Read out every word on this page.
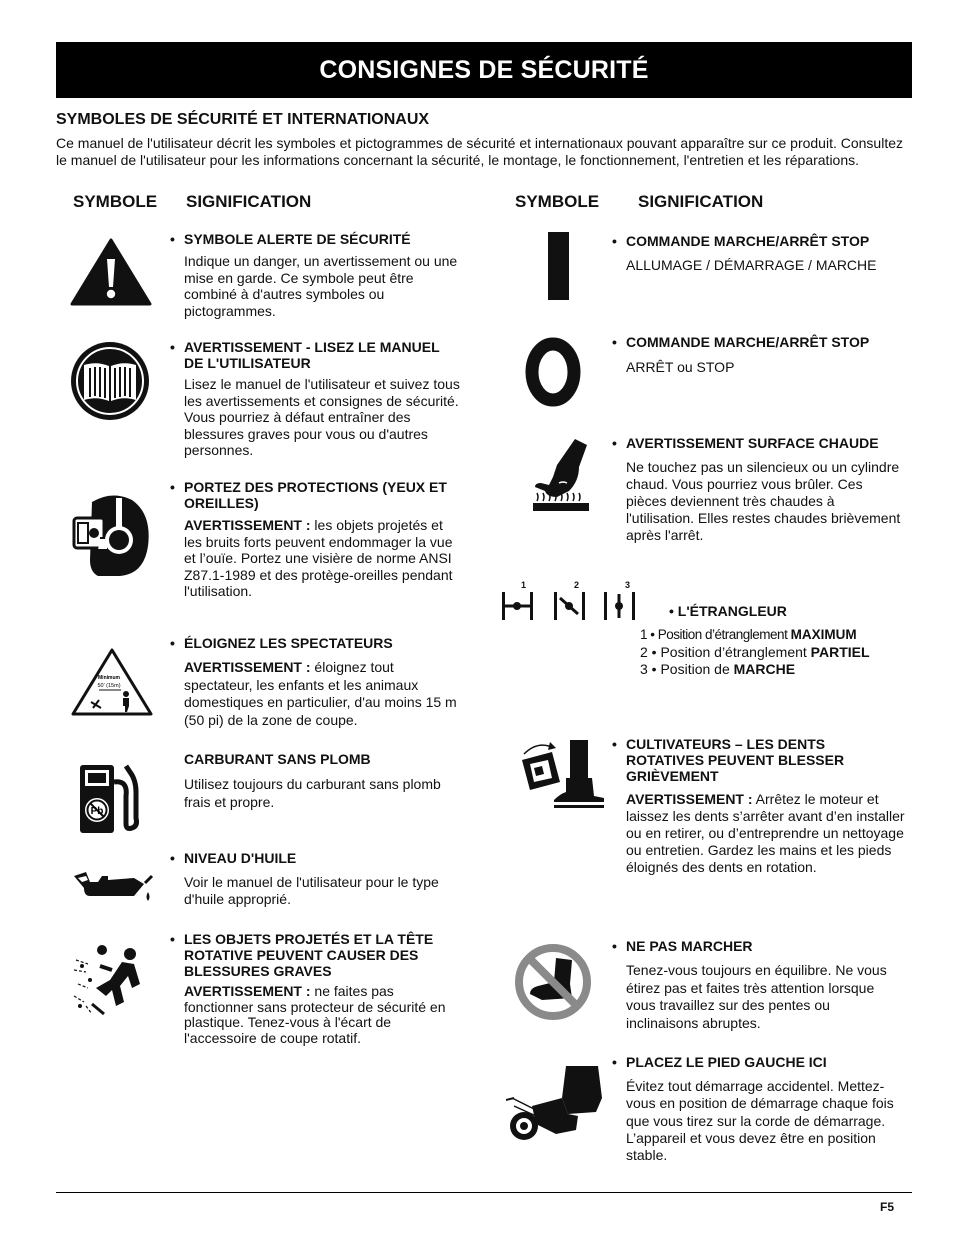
CONSIGNES DE SÉCURITÉ
SYMBOLES DE SÉCURITÉ ET INTERNATIONAUX
Ce manuel de l'utilisateur décrit les symboles et pictogrammes de sécurité et internationaux pouvant apparaître sur ce produit. Consultez le manuel de l'utilisateur pour les informations concernant la sécurité, le montage, le fonctionnement, l'entretien et les réparations.
SYMBOLE SIGNIFICATION	SYMBOLE SIGNIFICATION
Minimum
50' (15m)
Pb
1	2	3
• SYMBOLE ALERTE DE SÉCURITÉ
Indique un danger, un avertissement ou une mise en garde. Ce symbole peut être combiné à d'autres symboles ou pictogrammes.
• AVERTISSEMENT - LISEZ LE MANUEL DE L'UTILISATEUR
Lisez le manuel de l'utilisateur et suivez tous les avertissements et consignes de sécurité. Vous pourriez à défaut entraîner des blessures graves pour vous ou d'autres personnes.
• PORTEZ DES PROTECTIONS (YEUX ET OREILLES)
AVERTISSEMENT : les objets projetés et les bruits forts peuvent endommager la vue et l’ouïe. Portez une visière de norme ANSI Z87.1-1989 et des protège-oreilles pendant l'utilisation.
• ÉLOIGNEZ LES SPECTATEURS
AVERTISSEMENT : éloignez tout spectateur, les enfants et les animaux domestiques en particulier, d'au moins 15 m (50 pi) de la zone de coupe.
CARBURANT SANS PLOMB
Utilisez toujours du carburant sans plomb frais et propre.
• NIVEAU D'HUILE
Voir le manuel de l'utilisateur pour le type d'huile approprié.
• LES OBJETS PROJETÉS ET LA TÊTE ROTATIVE PEUVENT CAUSER DES BLESSURES GRAVES
AVERTISSEMENT : ne faites pas fonctionner sans protecteur de sécurité en plastique. Tenez-vous à l'écart de l'accessoire de coupe rotatif.
• COMMANDE MARCHE/ARRÊT STOP
ALLUMAGE / DÉMARRAGE / MARCHE
• COMMANDE MARCHE/ARRÊT STOP
ARRÊT ou STOP
• AVERTISSEMENT SURFACE CHAUDE
Ne touchez pas un silencieux ou un cylindre chaud. Vous pourriez vous brûler. Ces pièces deviennent très chaudes à l'utilisation. Elles restes chaudes brièvement après l'arrêt.
• L'ÉTRANGLEUR
1 • Position d’étranglement MAXIMUM
2 • Position d’étranglement PARTIEL
3 • Position de MARCHE
• CULTIVATEURS – LES DENTS ROTATIVES PEUVENT BLESSER GRIÈVEMENT
AVERTISSEMENT : Arrêtez le moteur et laissez les dents s’arrêter avant d’en installer ou en retirer, ou d’entreprendre un nettoyage ou entretien. Gardez les mains et les pieds éloignés des dents en rotation.
• NE PAS MARCHER
Tenez-vous toujours en équilibre. Ne vous étirez pas et faites très attention lorsque vous travaillez sur des pentes ou inclinaisons abruptes.
• PLACEZ LE PIED GAUCHE ICI
Évitez tout démarrage accidentel. Mettez-vous en position de démarrage chaque fois que vous tirez sur la corde de démarrage. L’appareil et vous devez être en position stable.
F5
